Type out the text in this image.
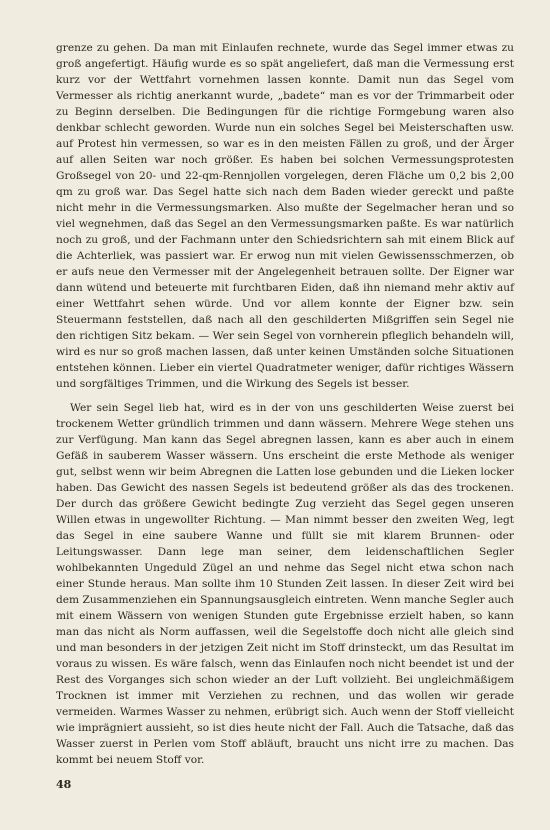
grenze zu gehen. Da man mit Einlaufen rechnete, wurde das Segel immer etwas zu groß angefertigt. Häufig wurde es so spät angeliefert, daß man die Vermessung erst kurz vor der Wettfahrt vornehmen lassen konnte. Damit nun das Segel vom Vermesser als richtig anerkannt wurde, „badete“ man es vor der Trimmarbeit oder zu Beginn derselben. Die Bedingungen für die richtige Formgebung waren also denkbar schlecht geworden. Wurde nun ein solches Segel bei Meisterschaften usw. auf Protest hin vermessen, so war es in den meisten Fällen zu groß, und der Ärger auf allen Seiten war noch größer. Es haben bei solchen Vermessungsprotesten Großsegel von 20- und 22-qm-Rennjollen vorgelegen, deren Fläche um 0,2 bis 2,00 qm zu groß war. Das Segel hatte sich nach dem Baden wieder gereckt und paßte nicht mehr in die Vermessungsmarken. Also mußte der Segelmacher heran und so viel wegnehmen, daß das Segel an den Vermessungsmarken paßte. Es war natürlich noch zu groß, und der Fachmann unter den Schiedsrichtern sah mit einem Blick auf die Achterliek, was passiert war. Er erwog nun mit vielen Gewissensschmerzen, ob er aufs neue den Vermesser mit der Angelegenheit betrauen sollte. Der Eigner war dann wütend und beteuerte mit furchtbaren Eiden, daß ihn niemand mehr aktiv auf einer Wettfahrt sehen würde. Und vor allem konnte der Eigner bzw. sein Steuermann feststellen, daß nach all den geschilderten Mißgriffen sein Segel nie den richtigen Sitz bekam. — Wer sein Segel von vornherein pfleglich behandeln will, wird es nur so groß machen lassen, daß unter keinen Umständen solche Situationen entstehen können. Lieber ein viertel Quadratmeter weniger, dafür richtiges Wässern und sorgfältiges Trimmen, und die Wirkung des Segels ist besser.

Wer sein Segel lieb hat, wird es in der von uns geschilderten Weise zuerst bei trockenem Wetter gründlich trimmen und dann wässern. Mehrere Wege stehen uns zur Verfügung. Man kann das Segel abregnen lassen, kann es aber auch in einem Gefäß in sauberem Wasser wässern. Uns erscheint die erste Methode als weniger gut, selbst wenn wir beim Abregnen die Latten lose gebunden und die Lieken locker haben. Das Gewicht des nassen Segels ist bedeutend größer als das des trockenen. Der durch das größere Gewicht bedingte Zug verzieht das Segel gegen unseren Willen etwas in ungewollter Richtung. — Man nimmt besser den zweiten Weg, legt das Segel in eine saubere Wanne und füllt sie mit klarem Brunnen- oder Leitungswasser. Dann lege man seiner, dem leidenschaftlichen Segler wohlbekannten Ungeduld Zügel an und nehme das Segel nicht etwa schon nach einer Stunde heraus. Man sollte ihm 10 Stunden Zeit lassen. In dieser Zeit wird bei dem Zusammenziehen ein Spannungsausgleich eintreten. Wenn manche Segler auch mit einem Wässern von wenigen Stunden gute Ergebnisse erzielt haben, so kann man das nicht als Norm auffassen, weil die Segelstoffe doch nicht alle gleich sind und man besonders in der jetzigen Zeit nicht im Stoff drinsteckt, um das Resultat im voraus zu wissen. Es wäre falsch, wenn das Einlaufen noch nicht beendet ist und der Rest des Vorganges sich schon wieder an der Luft vollzieht. Bei ungleichmäßigem Trocknen ist immer mit Verziehen zu rechnen, und das wollen wir gerade vermeiden. Warmes Wasser zu nehmen, erübrigt sich. Auch wenn der Stoff vielleicht wie imprägniert aussieht, so ist dies heute nicht der Fall. Auch die Tatsache, daß das Wasser zuerst in Perlen vom Stoff abläuft, braucht uns nicht irre zu machen. Das kommt bei neuem Stoff vor.

48
